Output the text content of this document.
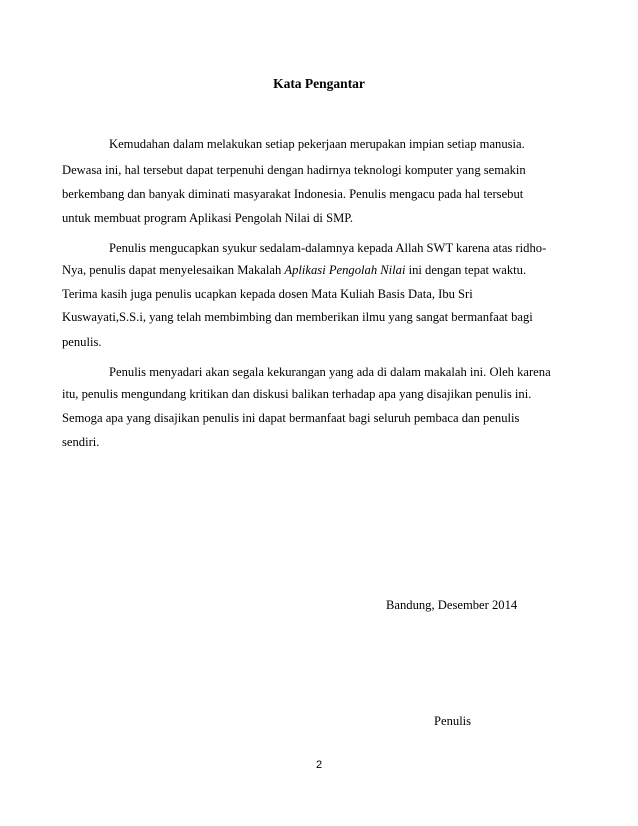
Kata Pengantar
Kemudahan dalam melakukan setiap pekerjaan merupakan impian setiap manusia.
Dewasa ini, hal tersebut dapat terpenuhi dengan hadirnya teknologi komputer yang semakin
berkembang dan banyak diminati masyarakat Indonesia. Penulis mengacu pada hal tersebut
untuk membuat program Aplikasi Pengolah Nilai di SMP.
Penulis mengucapkan syukur sedalam-dalamnya kepada Allah SWT karena atas ridho-
Nya, penulis dapat menyelesaikan Makalah Aplikasi Pengolah Nilai ini dengan tepat waktu.
Terima kasih juga penulis ucapkan kepada dosen Mata Kuliah Basis Data, Ibu Sri
Kuswayati,S.S.i, yang telah membimbing dan memberikan ilmu yang sangat bermanfaat bagi
penulis.
Penulis menyadari akan segala kekurangan yang ada di dalam makalah ini. Oleh karena
itu, penulis mengundang kritikan dan diskusi balikan terhadap apa yang disajikan penulis ini.
Semoga apa yang disajikan penulis ini dapat bermanfaat bagi seluruh pembaca dan penulis
sendiri.
Bandung, Desember 2014
Penulis
2
